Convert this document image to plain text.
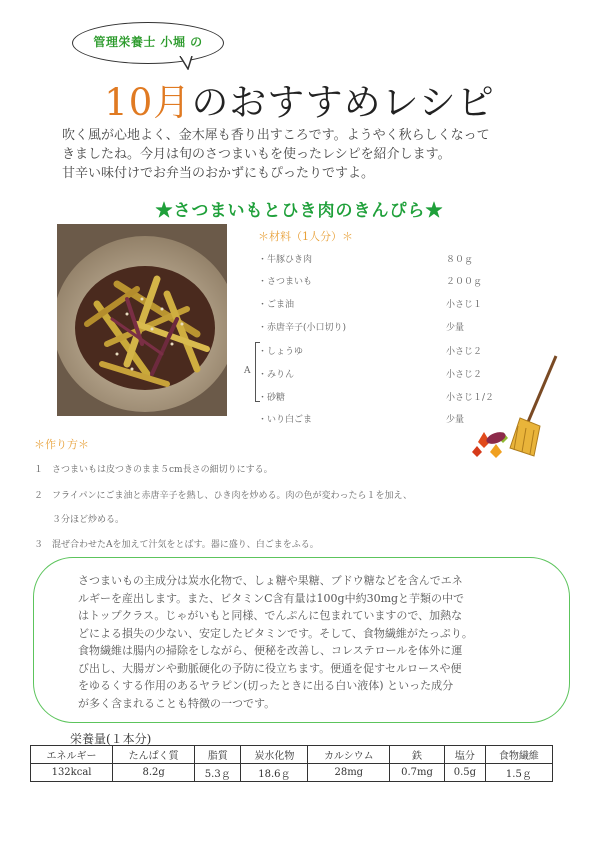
管理栄養士 小堀 の
10月のおすすめレシピ
吹く風が心地よく、金木犀も香り出すころです。ようやく秋らしくなって
きましたね。今月は旬のさつまいもを使ったレシピを紹介します。
甘辛い味付けでお弁当のおかずにもぴったりですよ。
★さつまいもとひき肉のきんぴら★
＊材料（1人分）＊
・牛豚ひき肉	８０ｇ
・さつまいも	２００ｇ
・ごま油	小さじ１
・赤唐辛子(小口切り)	少量
A
・しょうゆ	小さじ２
・みりん	小さじ２
・砂糖	小さじ１/２
・いり白ごま	少量
＊作り方＊
１　さつまいもは皮つきのまま５cm長さの細切りにする。
２　フライパンにごま油と赤唐辛子を熱し、ひき肉を炒める。肉の色が変わったら１を加え、
　　３分ほど炒める。
３　混ぜ合わせたAを加えて汁気をとばす。器に盛り、白ごまをふる。
さつまいもの主成分は炭水化物で、しょ糖や果糖、ブドウ糖などを含んでエネ
ルギーを産出します。また、ビタミンC含有量は100g中約30mgと芋類の中で
はトップクラス。じゃがいもと同様、でんぷんに包まれていますので、加熱な
どによる損失の少ない、安定したビタミンです。そして、食物繊維がたっぷり。
食物繊維は腸内の掃除をしながら、便秘を改善し、コレステロールを体外に運
び出し、大腸ガンや動脈硬化の予防に役立ちます。便通を促すセルロースや便
をゆるくする作用のあるヤラピン(切ったときに出る白い液体) といった成分
が多く含まれることも特徴の一つです。
栄養量(１本分)
エネルギー	たんぱく質	脂質	炭水化物	カルシウム	鉄	塩分	食物繊維
132kcal	8.2g	5.3ｇ	18.6ｇ	28mg	0.7mg	0.5g	1.5ｇ
